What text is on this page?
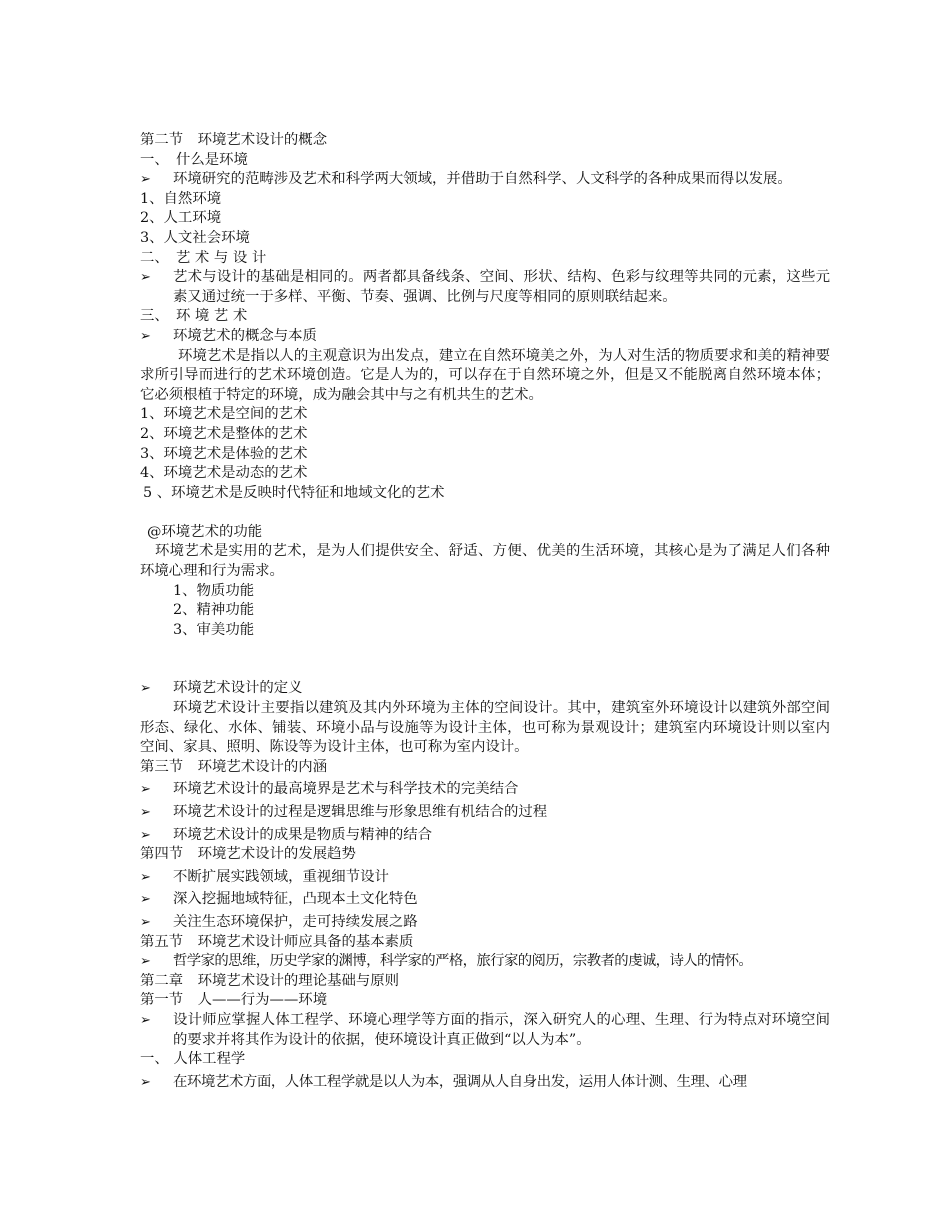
第二节　环境艺术设计的概念
一、　什么是环境
➢	环境研究的范畴涉及艺术和科学两大领域，并借助于自然科学、人文科学的各种成果而得以发展。
1、自然环境
2、人工环境
3、人文社会环境
二、　艺 术 与 设 计
➢	艺术与设计的基础是相同的。两者都具备线条、空间、形状、结构、色彩与纹理等共同的元素，这些元素又通过统一于多样、平衡、节奏、强调、比例与尺度等相同的原则联结起来。
三、　环 境 艺 术
➢	环境艺术的概念与本质
环境艺术是指以人的主观意识为出发点，建立在自然环境美之外，为人对生活的物质要求和美的精神要求所引导而进行的艺术环境创造。它是人为的，可以存在于自然环境之外，但是又不能脱离自然环境本体；它必须根植于特定的环境，成为融会其中与之有机共生的艺术。
1、环境艺术是空间的艺术
2、环境艺术是整体的艺术
3、环境艺术是体验的艺术
4、环境艺术是动态的艺术
5 、环境艺术是反映时代特征和地域文化的艺术
@环境艺术的功能
环境艺术是实用的艺术，是为人们提供安全、舒适、方便、优美的生活环境，其核心是为了满足人们各种环境心理和行为需求。
1、物质功能
2、精神功能
3、审美功能
➢	环境艺术设计的定义
环境艺术设计主要指以建筑及其内外环境为主体的空间设计。其中，建筑室外环境设计以建筑外部空间形态、绿化、水体、铺装、环境小品与设施等为设计主体，也可称为景观设计；建筑室内环境设计则以室内空间、家具、照明、陈设等为设计主体，也可称为室内设计。
第三节　环境艺术设计的内涵
➢	环境艺术设计的最高境界是艺术与科学技术的完美结合
➢	环境艺术设计的过程是逻辑思维与形象思维有机结合的过程
➢	环境艺术设计的成果是物质与精神的结合
第四节　环境艺术设计的发展趋势
➢	不断扩展实践领域，重视细节设计
➢	深入挖掘地域特征，凸现本土文化特色
➢	关注生态环境保护，走可持续发展之路
第五节　环境艺术设计师应具备的基本素质
➢	哲学家的思维，历史学家的渊博，科学家的严格，旅行家的阅历，宗教者的虔诚，诗人的情怀。
第二章　环境艺术设计的理论基础与原则
第一节　人——行为——环境
➢	设计师应掌握人体工程学、环境心理学等方面的指示，深入研究人的心理、生理、行为特点对环境空间的要求并将其作为设计的依据，使环境设计真正做到“以人为本”。
一、 人体工程学
➢	在环境艺术方面，人体工程学就是以人为本，强调从人自身出发，运用人体计测、生理、心理
